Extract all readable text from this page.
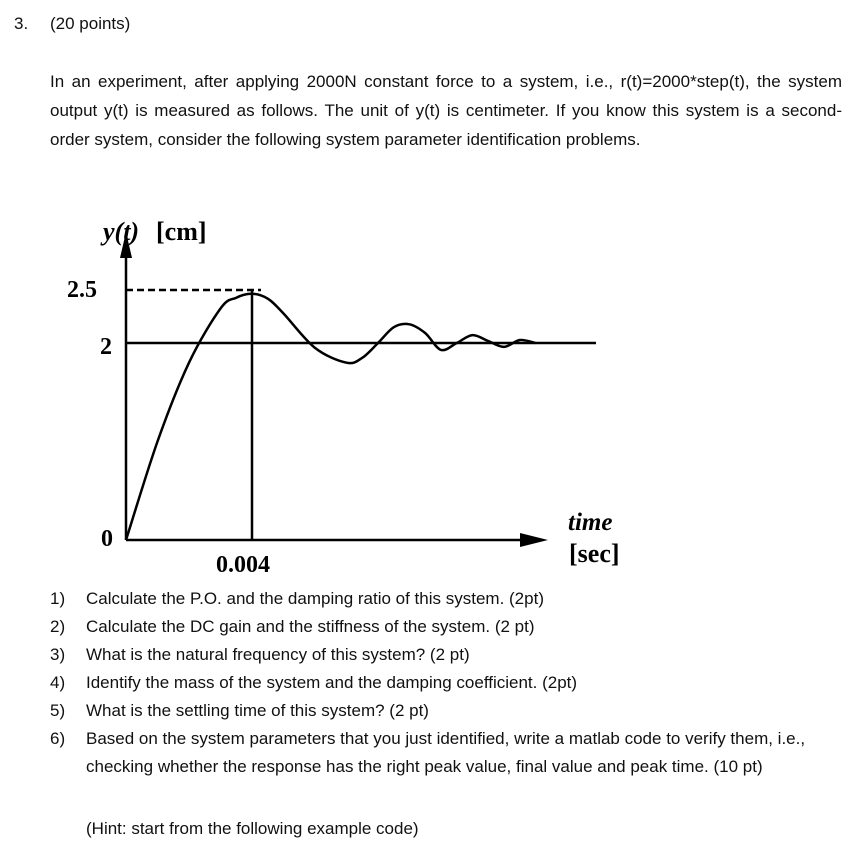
3. (20 points)

In an experiment, after applying 2000N constant force to a system, i.e., r(t)=2000*step(t), the system output y(t) is measured as follows. The unit of y(t) is centimeter. If you know this system is a second-order system, consider the following system parameter identification problems.

y(t) [cm]
2.5
2
0
0.004
time
[sec]
1)	Calculate the P.O. and the damping ratio of this system. (2pt)
2)	Calculate the DC gain and the stiffness of the system. (2 pt)
3)	What is the natural frequency of this system? (2 pt)
4)	Identify the mass of the system and the damping coefficient. (2pt)
5)	What is the settling time of this system? (2 pt)
6)	Based on the system parameters that you just identified, write a matlab code to verify them, i.e., checking whether the response has the right peak value, final value and peak time. (10 pt)
(Hint: start from the following example code)
